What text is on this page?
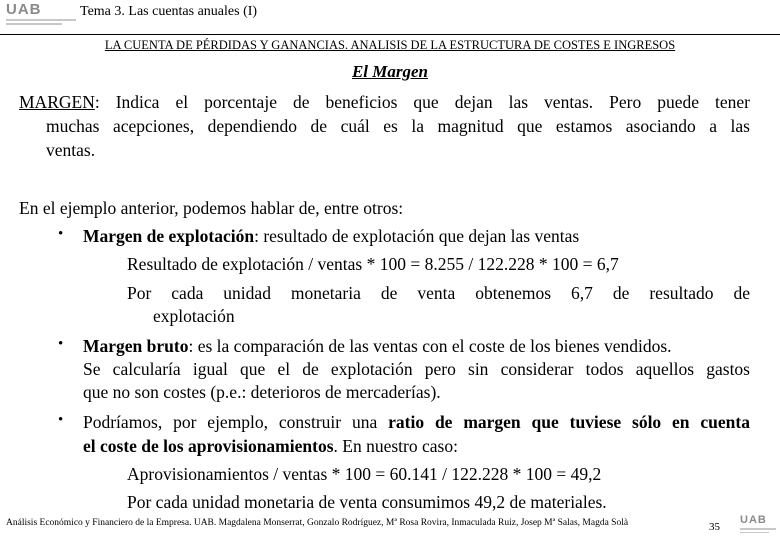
UAB	Tema 3. Las cuentas anuales (I)
LA CUENTA DE PÉRDIDAS Y GANANCIAS. ANALISIS DE LA ESTRUCTURA DE COSTES E INGRESOS
El Margen

MARGEN: Indica el porcentaje de beneficios que dejan las ventas. Pero puede tener

muchas acepciones, dependiendo de cuál es la magnitud que estamos asociando a las

ventas.

En el ejemplo anterior, podemos hablar de, entre otros:

• Margen de explotación: resultado de explotación que dejan las ventas

Resultado de explotación / ventas * 100 = 8.255 / 122.228 * 100 = 6,7

Por cada unidad monetaria de venta obtenemos 6,7 de resultado de

explotación

• Margen bruto: es la comparación de las ventas con el coste de los bienes vendidos.

Se calcularía igual que el de explotación pero sin considerar todos aquellos gastos

que no son costes (p.e.: deterioros de mercaderías).

• Podríamos, por ejemplo, construir una ratio de margen que tuviese sólo en cuenta

el coste de los aprovisionamientos. En nuestro caso:

Aprovisionamientos / ventas * 100 = 60.141 / 122.228 * 100 = 49,2

Por cada unidad monetaria de venta consumimos 49,2 de materiales.

Análisis Económico y Financiero de la Empresa. UAB. Magdalena Monserrat, Gonzalo Rodríguez, Mª Rosa Rovira, Inmaculada Ruiz, Josep Mª Salas, Magda Solà	35
UAB
